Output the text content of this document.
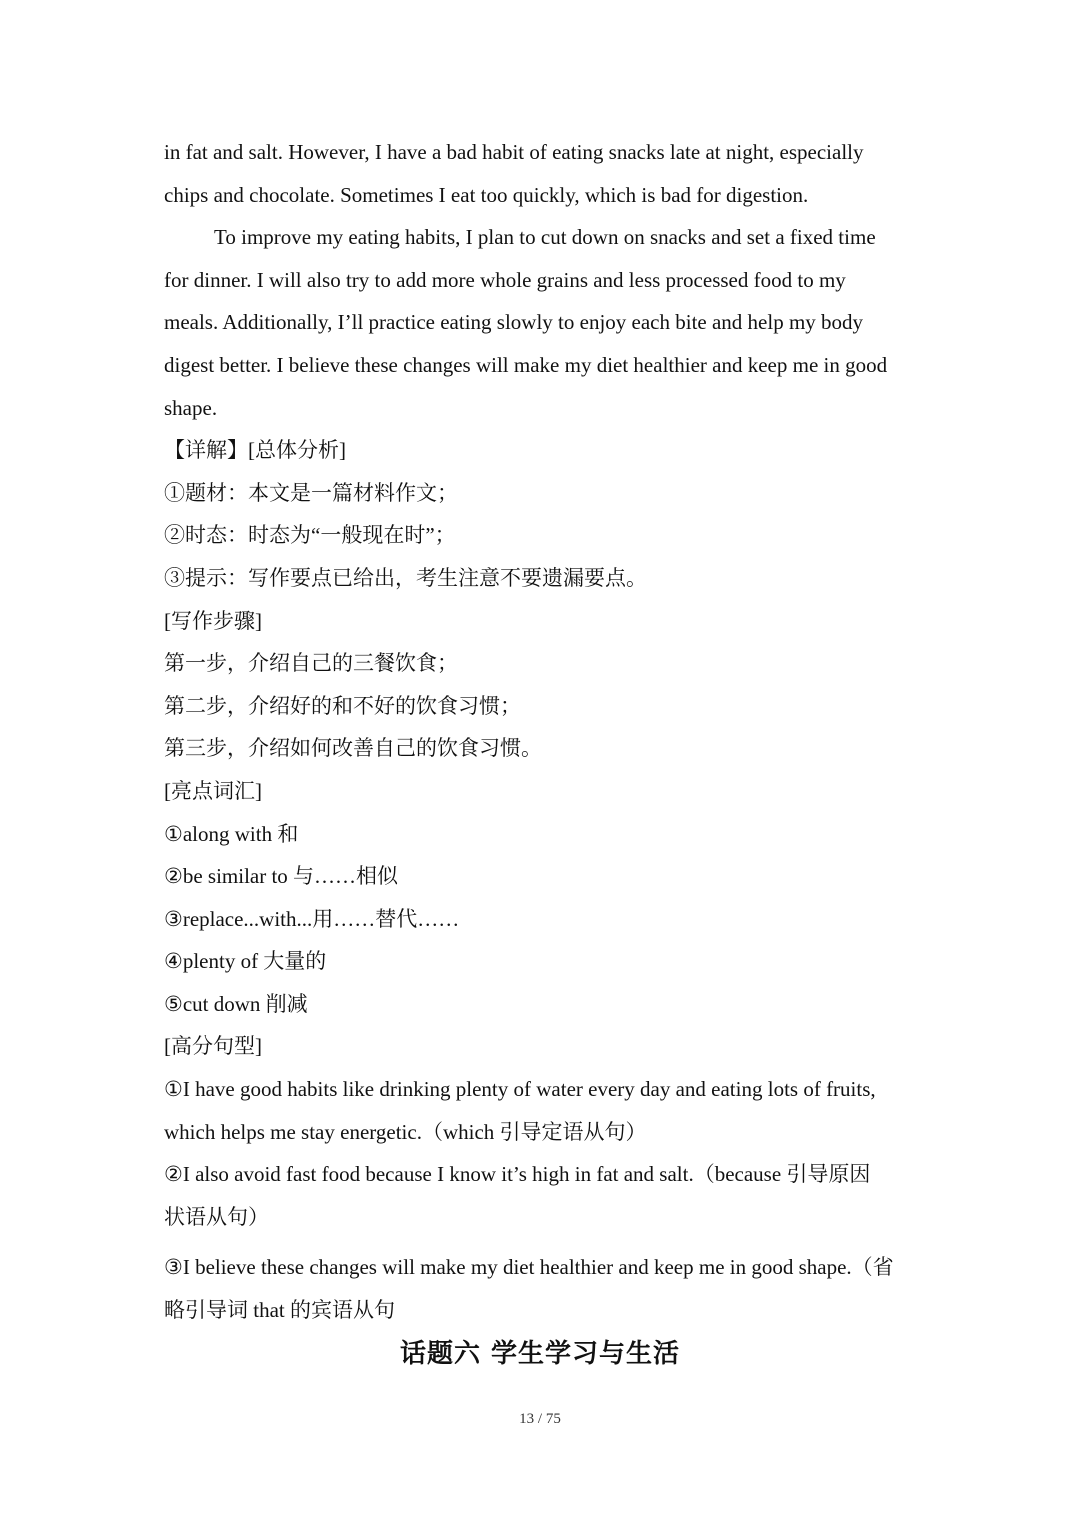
in fat and salt. However, I have a bad habit of eating snacks late at night, especially
chips and chocolate. Sometimes I eat too quickly, which is bad for digestion.
To improve my eating habits, I plan to cut down on snacks and set a fixed time
for dinner. I will also try to add more whole grains and less processed food to my
meals. Additionally, I’ll practice eating slowly to enjoy each bite and help my body
digest better. I believe these changes will make my diet healthier and keep me in good
shape.
【详解】[总体分析]
①题材：本文是一篇材料作文；
②时态：时态为“一般现在时”；
③提示：写作要点已给出，考生注意不要遗漏要点。
[写作步骤]
第一步，介绍自己的三餐饮食；
第二步，介绍好的和不好的饮食习惯；
第三步，介绍如何改善自己的饮食习惯。
[亮点词汇]
①along with 和
②be similar to 与……相似
③replace...with...用……替代……
④plenty of 大量的
⑤cut down 削减
[高分句型]
①I have good habits like drinking plenty of water every day and eating lots of fruits,
which helps me stay energetic.（which 引导定语从句）
②I also avoid fast food because I know it’s high in fat and salt.（because 引导原因
状语从句）
③I believe these changes will make my diet healthier and keep me in good shape.（省
略引导词 that 的宾语从句
话题六 学生学习与生活
13 / 75
